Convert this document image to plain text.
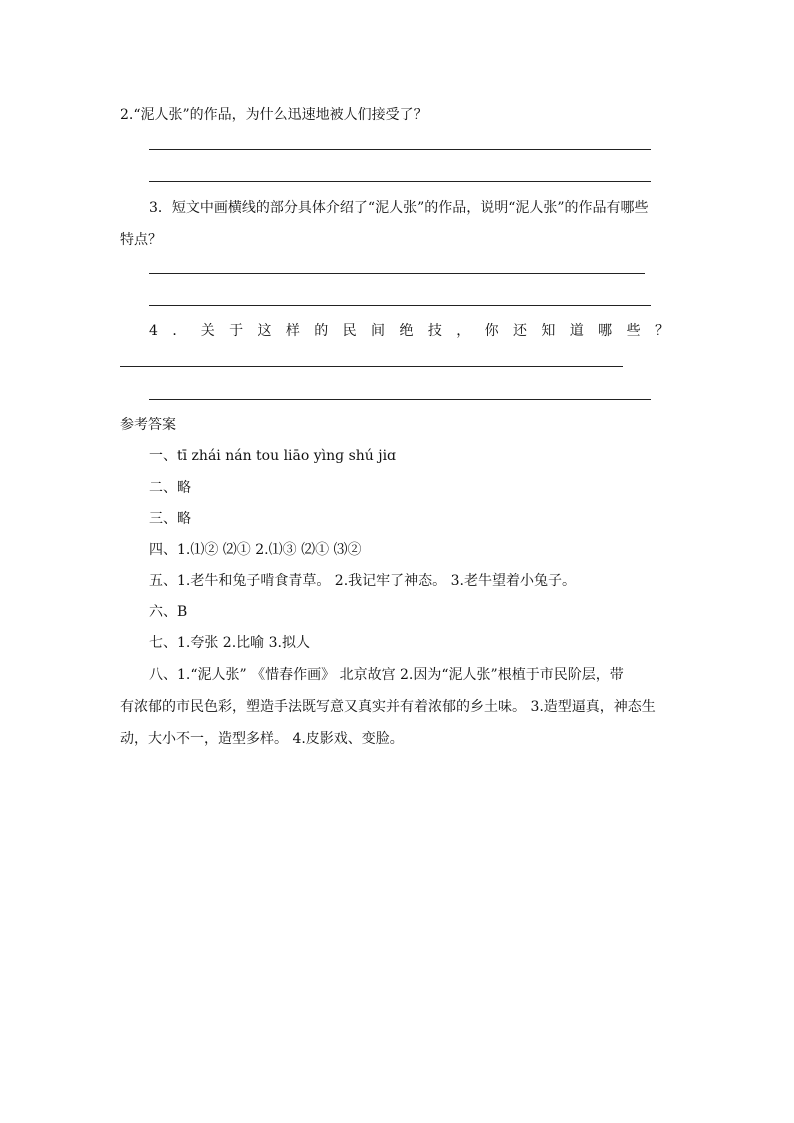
2.“泥人张”的作品，为什么迅速地被人们接受了？
3．短文中画横线的部分具体介绍了“泥人张”的作品，说明“泥人张”的作品有哪些
特点？
4 ． 关 于 这 样 的 民 间 绝 技 ， 你 还 知 道 哪 些 ？
参考答案
一、tī zhái nán tou liāo yìnɡ shú jiɑ
二、略
三、略
四、1.⑴② ⑵① 2.⑴③ ⑵① ⑶②
五、1.老牛和兔子啃食青草。 2.我记牢了神态。 3.老牛望着小兔子。
六、B
七、1.夸张 2.比喻 3.拟人
八、1.“泥人张” 《惜春作画》 北京故宫 2.因为“泥人张”根植于市民阶层，带
有浓郁的市民色彩，塑造手法既写意又真实并有着浓郁的乡土味。 3.造型逼真，神态生
动，大小不一，造型多样。 4.皮影戏、变脸。
